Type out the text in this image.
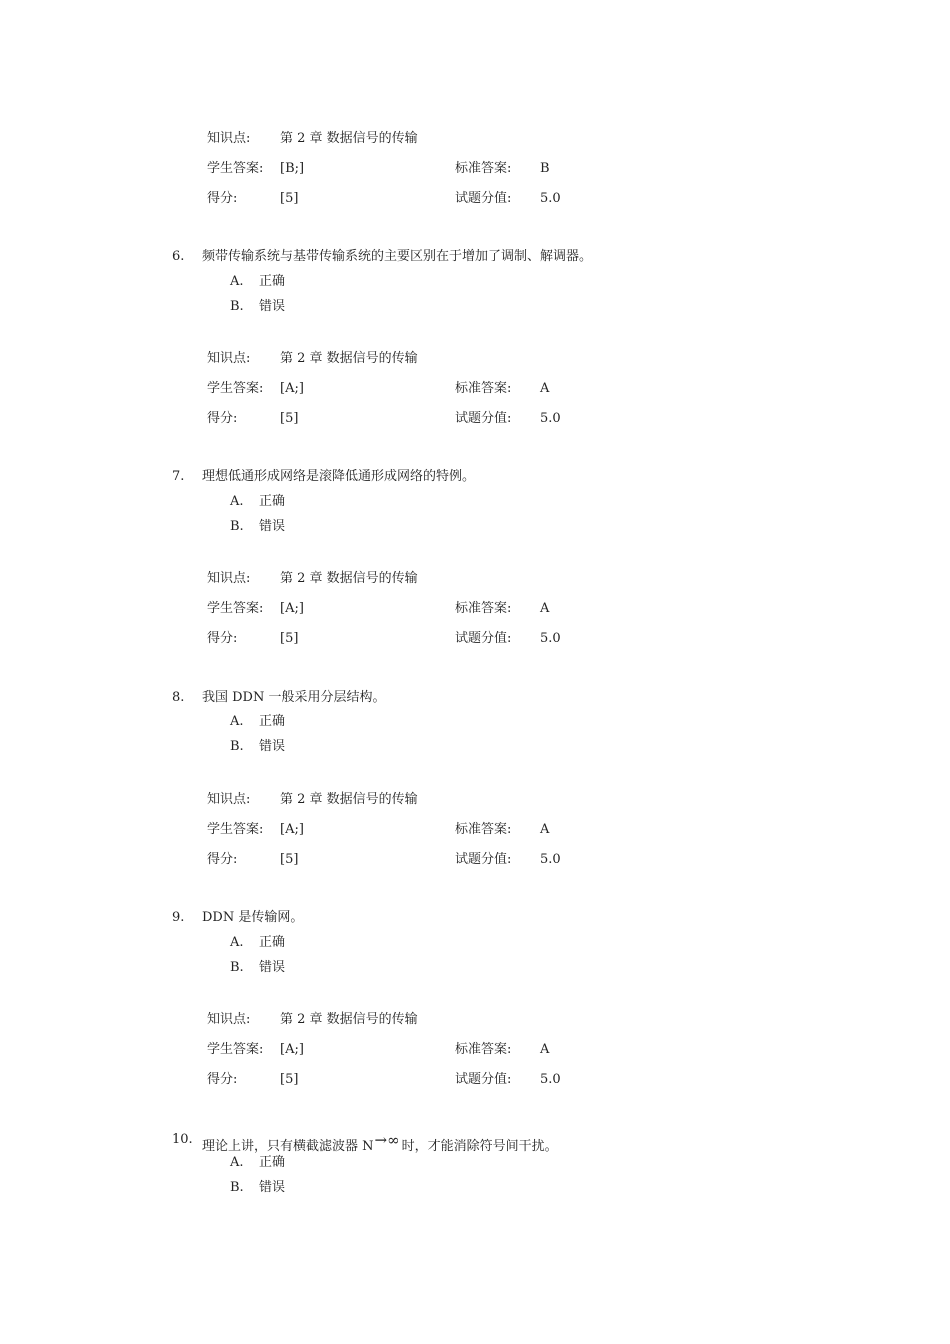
知识点: 第 2 章 数据信号的传输
学生答案: [B;]	标准答案: B
得分:	[5]	试题分值: 5.0
6. 频带传输系统与基带传输系统的主要区别在于增加了调制、解调器。
A. 正确
B. 错误
知识点: 第 2 章 数据信号的传输
学生答案: [A;]	标准答案: A
得分:	[5]	试题分值: 5.0
7. 理想低通形成网络是滚降低通形成网络的特例。
A. 正确
B. 错误
知识点: 第 2 章 数据信号的传输
学生答案: [A;]	标准答案: A
得分:	[5]	试题分值: 5.0
8. 我国 DDN 一般采用分层结构。
A. 正确
B. 错误
知识点: 第 2 章 数据信号的传输
学生答案: [A;]	标准答案: A
得分:	[5]	试题分值: 5.0
9. DDN 是传输网。
A. 正确
B. 错误
知识点: 第 2 章 数据信号的传输
学生答案: [A;]	标准答案: A
得分:	[5]	试题分值: 5.0
10. 理论上讲，只有横截滤波器 N→∞ 时，才能消除符号间干扰。
A. 正确
B. 错误
